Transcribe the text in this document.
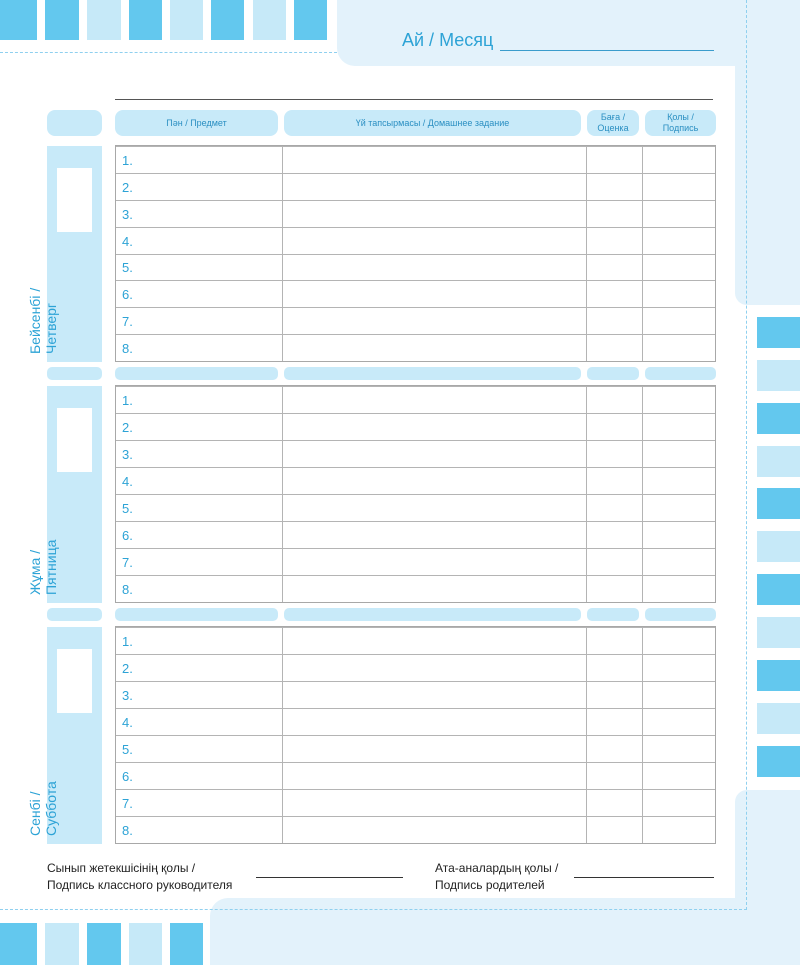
Ай / Месяц
Пән / Предмет	Үй тапсырмасы / Домашнее задание
Баға /
Оценка
Қолы /
Подпись
Бейсенбі /
Четверг
Жұма /
Пятница
Сенбі /
Суббота
1.
2.
3.
4.
5.
6.
7.
8.
1.
2.
3.
4.
5.
6.
7.
8.
1.
2.
3.
4.
5.
6.
7.
8.
Сынып жетекшісінің қолы /
Подпись классного руководителя
Ата-аналардың қолы /
Подпись родителей
